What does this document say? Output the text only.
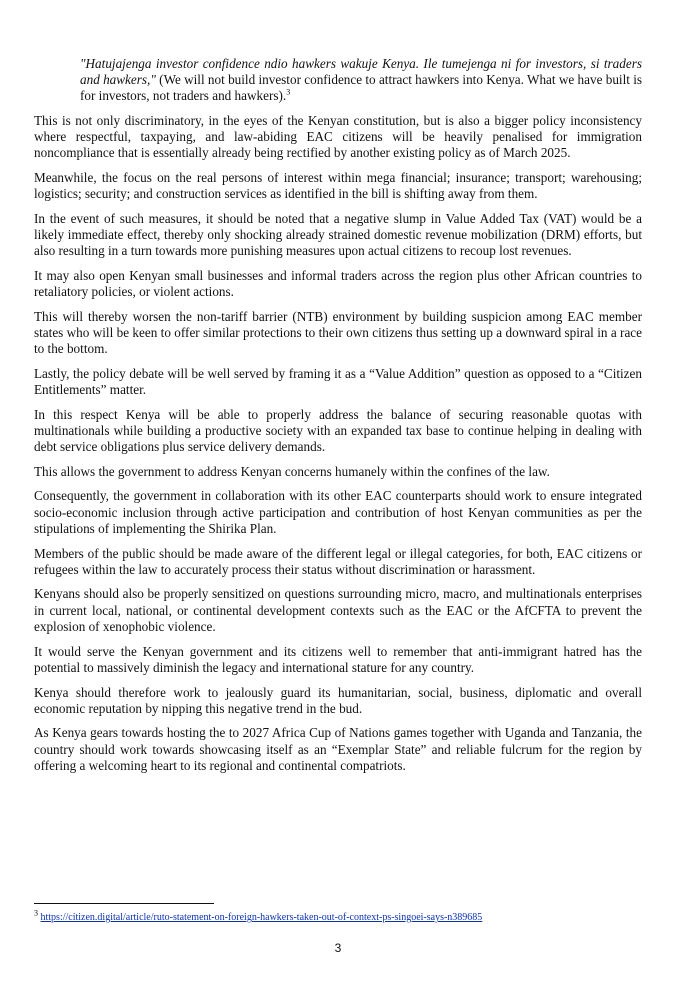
"Hatujajenga investor confidence ndio hawkers wakuje Kenya. Ile tumejenga ni for investors, si traders and hawkers," (We will not build investor confidence to attract hawkers into Kenya. What we have built is for investors, not traders and hawkers).$^3$

This is not only discriminatory, in the eyes of the Kenyan constitution, but is also a bigger policy inconsistency where respectful, taxpaying, and law-abiding EAC citizens will be heavily penalised for immigration noncompliance that is essentially already being rectified by another existing policy as of March 2025.

Meanwhile, the focus on the real persons of interest within mega financial; insurance; transport; warehousing; logistics; security; and construction services as identified in the bill is shifting away from them.

In the event of such measures, it should be noted that a negative slump in Value Added Tax (VAT) would be a likely immediate effect, thereby only shocking already strained domestic revenue mobilization (DRM) efforts, but also resulting in a turn towards more punishing measures upon actual citizens to recoup lost revenues.

It may also open Kenyan small businesses and informal traders across the region plus other African countries to retaliatory policies, or violent actions.

This will thereby worsen the non-tariff barrier (NTB) environment by building suspicion among EAC member states who will be keen to offer similar protections to their own citizens thus setting up a downward spiral in a race to the bottom.

Lastly, the policy debate will be well served by framing it as a “Value Addition” question as opposed to a “Citizen Entitlements” matter.

In this respect Kenya will be able to properly address the balance of securing reasonable quotas with multinationals while building a productive society with an expanded tax base to continue helping in dealing with debt service obligations plus service delivery demands.

This allows the government to address Kenyan concerns humanely within the confines of the law.

Consequently, the government in collaboration with its other EAC counterparts should work to ensure integrated socio-economic inclusion through active participation and contribution of host Kenyan communities as per the stipulations of implementing the Shirika Plan.

Members of the public should be made aware of the different legal or illegal categories, for both, EAC citizens or refugees within the law to accurately process their status without discrimination or harassment.

Kenyans should also be properly sensitized on questions surrounding micro, macro, and multinationals enterprises in current local, national, or continental development contexts such as the EAC or the AfCFTA to prevent the explosion of xenophobic violence.

It would serve the Kenyan government and its citizens well to remember that anti-immigrant hatred has the potential to massively diminish the legacy and international stature for any country.

Kenya should therefore work to jealously guard its humanitarian, social, business, diplomatic and overall economic reputation by nipping this negative trend in the bud.

As Kenya gears towards hosting the to 2027 Africa Cup of Nations games together with Uganda and Tanzania, the country should work towards showcasing itself as an “Exemplar State” and reliable fulcrum for the region by offering a welcoming heart to its regional and continental compatriots.

$^3$ https://citizen.digital/article/ruto-statement-on-foreign-hawkers-taken-out-of-context-ps-singoei-says-n389685
3
